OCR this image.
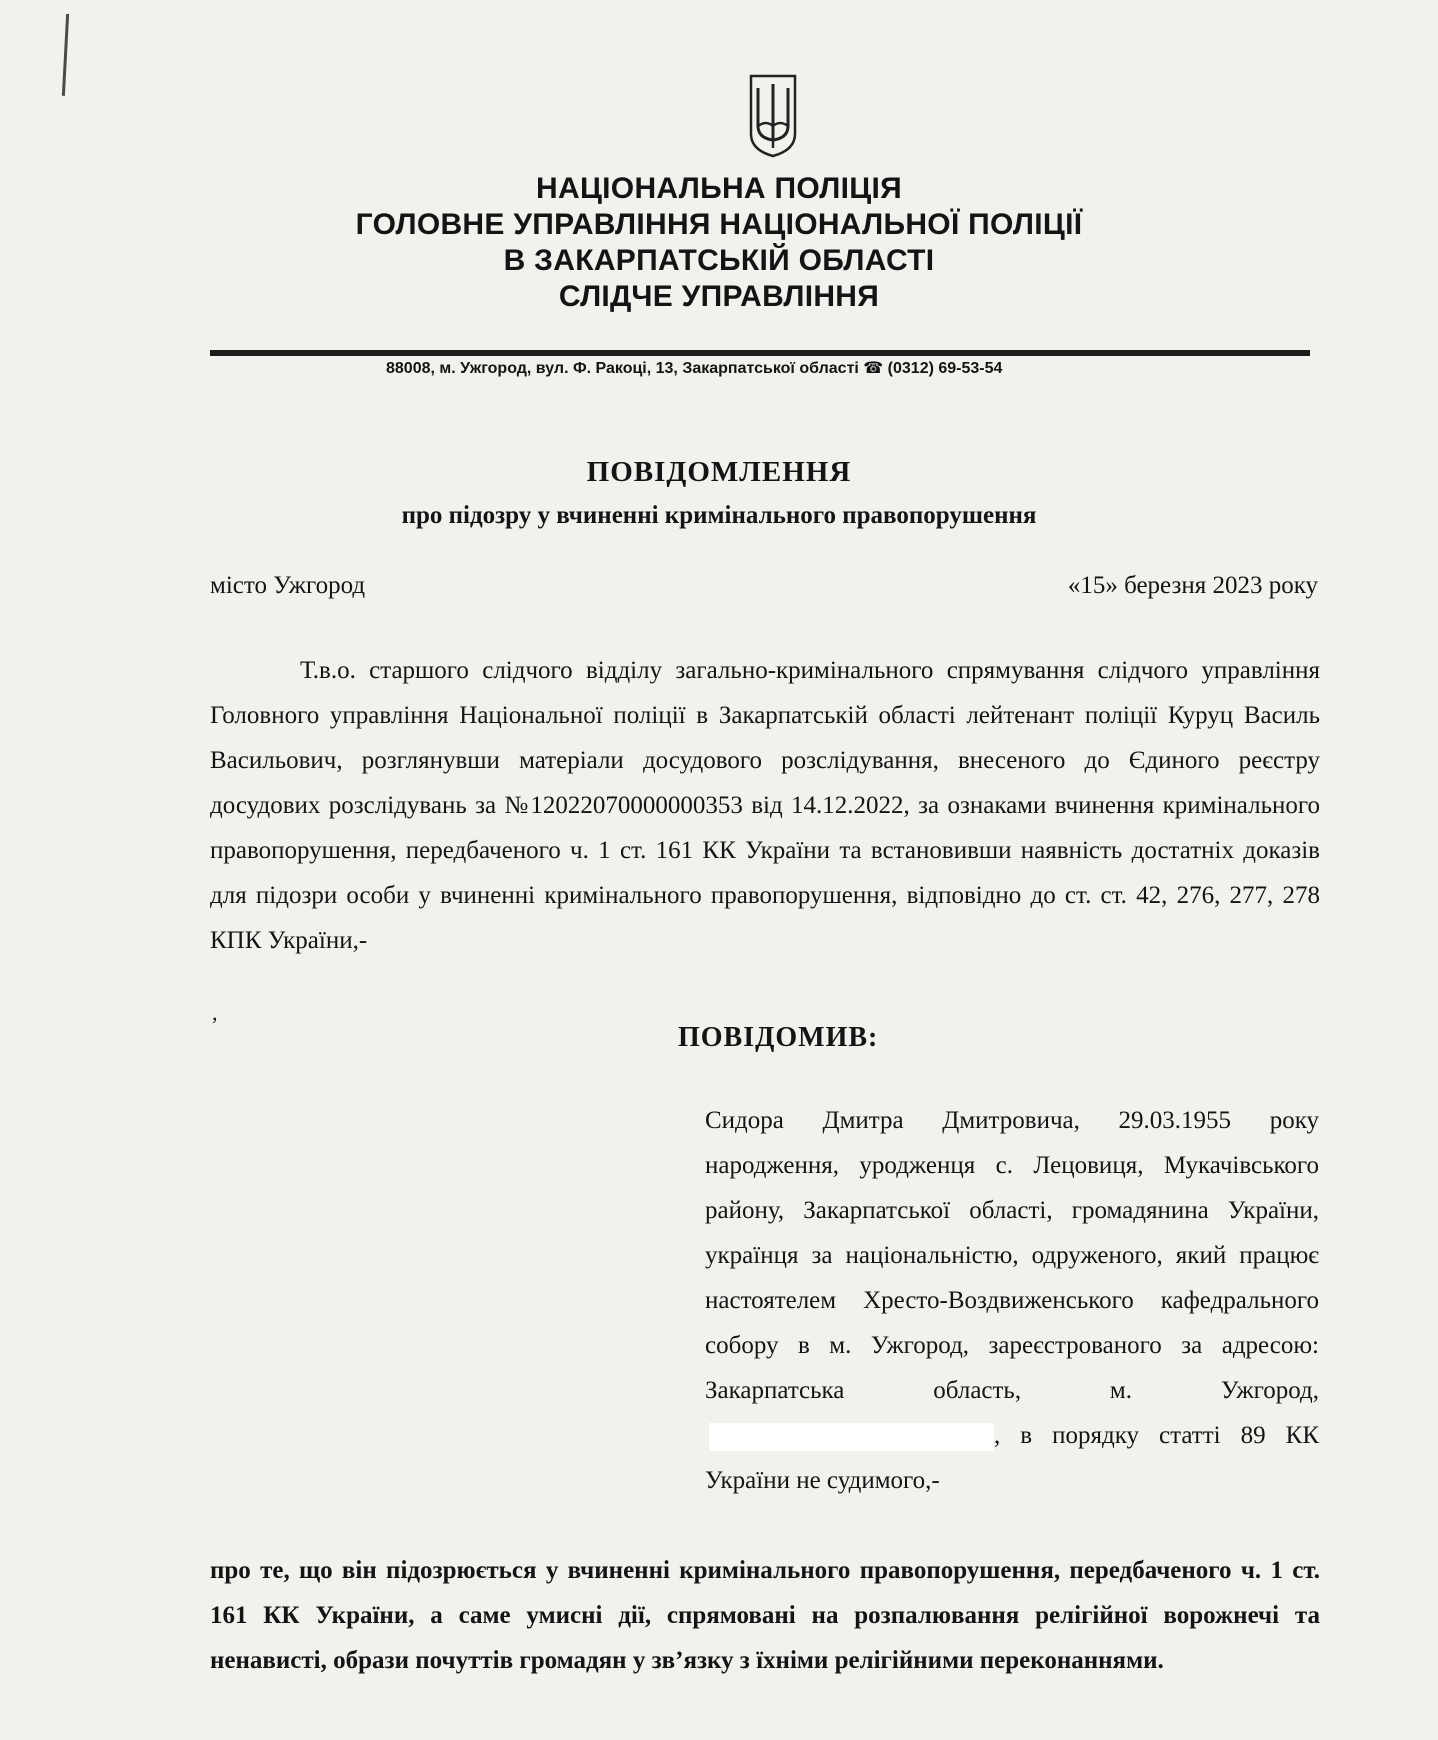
НАЦІОНАЛЬНА ПОЛІЦІЯ
ГОЛОВНЕ УПРАВЛІННЯ НАЦІОНАЛЬНОЇ ПОЛІЦІЇ
В ЗАКАРПАТСЬКІЙ ОБЛАСТІ
СЛІДЧЕ УПРАВЛІННЯ
88008, м. Ужгород, вул. Ф. Ракоці, 13, Закарпатської області ☎ (0312) 69-53-54
ПОВІДОМЛЕННЯ
про підозру у вчиненні кримінального правопорушення
місто Ужгород	«15» березня 2023 року

Т.в.о. старшого слідчого відділу загально-кримінального спрямування слідчого управління Головного управління Національної поліції в Закарпатській області лейтенант поліції Куруц Василь Васильович, розглянувши матеріали досудового розслідування, внесеного до Єдиного реєстру досудових розслідувань за №12022070000000353 від 14.12.2022, за ознаками вчинення кримінального правопорушення, передбаченого ч. 1 ст. 161 КК України та встановивши наявність достатніх доказів для підозри особи у вчиненні кримінального правопорушення, відповідно до ст. ст. 42, 276, 277, 278 КПК України,-

,
ПОВІДОМИВ:

Сидора Дмитра Дмитровича, 29.03.1955 року народження, уродженця с. Лецовиця, Мукачівського району, Закарпатської області, громадянина України, українця за національністю, одруженого, який працює настоятелем Хресто-Воздвиженського кафедрального собору в м. Ужгород, зареєстрованого за адресою: Закарпатська область, м. Ужгород,, в порядку статті 89 КК України не судимого,-

про те, що він підозрюється у вчиненні кримінального правопорушення, передбаченого ч. 1 ст. 161 КК України, а саме умисні дії, спрямовані на розпалювання релігійної ворожнечі та ненависті, образи почуттів громадян у зв’язку з їхніми релігійними переконаннями.
